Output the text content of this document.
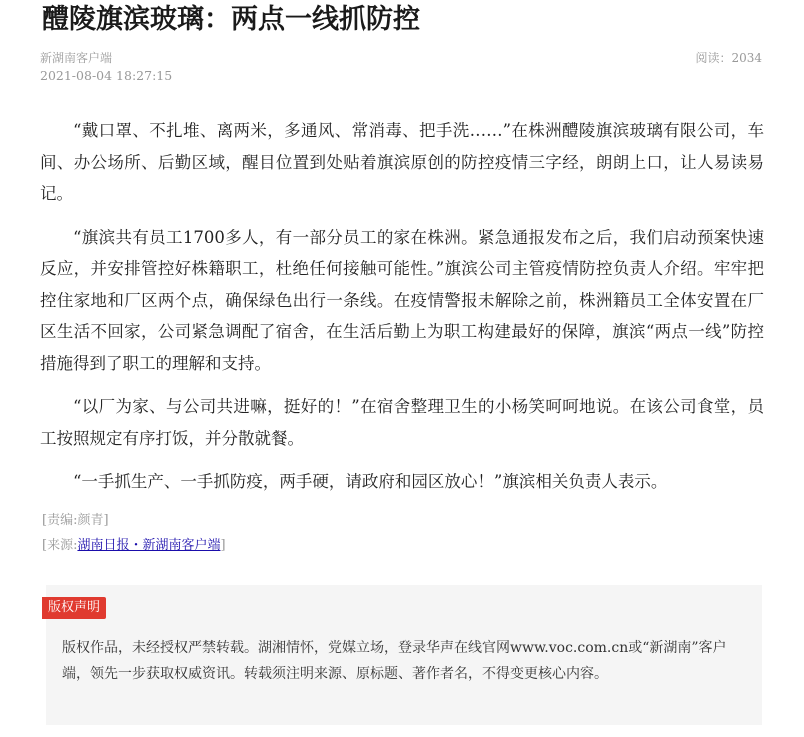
醴陵旗滨玻璃：两点一线抓防控
新湖南客户端
2021-08-04 18:27:15
阅读：2034

“戴口罩、不扎堆、离两米，多通风、常消毒、把手洗……”在株洲醴陵旗滨玻璃有限公司，车间、办公场所、后勤区域，醒目位置到处贴着旗滨原创的防控疫情三字经，朗朗上口，让人易读易记。

“旗滨共有员工1700多人，有一部分员工的家在株洲。紧急通报发布之后，我们启动预案快速反应，并安排管控好株籍职工，杜绝任何接触可能性。”旗滨公司主管疫情防控负责人介绍。牢牢把控住家地和厂区两个点，确保绿色出行一条线。在疫情警报未解除之前，株洲籍员工全体安置在厂区生活不回家，公司紧急调配了宿舍，在生活后勤上为职工构建最好的保障，旗滨“两点一线”防控措施得到了职工的理解和支持。

“以厂为家、与公司共进嘛，挺好的！”在宿舍整理卫生的小杨笑呵呵地说。在该公司食堂，员工按照规定有序打饭，并分散就餐。

“一手抓生产、一手抓防疫，两手硬，请政府和园区放心！”旗滨相关负责人表示。

[责编:颜青]
[来源:湖南日报・新湖南客户端]
版权声明
版权作品，未经授权严禁转载。湖湘情怀，党媒立场，登录华声在线官网www.voc.com.cn或“新湖南”客户端，领先一步获取权威资讯。转载须注明来源、原标题、著作者名，不得变更核心内容。
